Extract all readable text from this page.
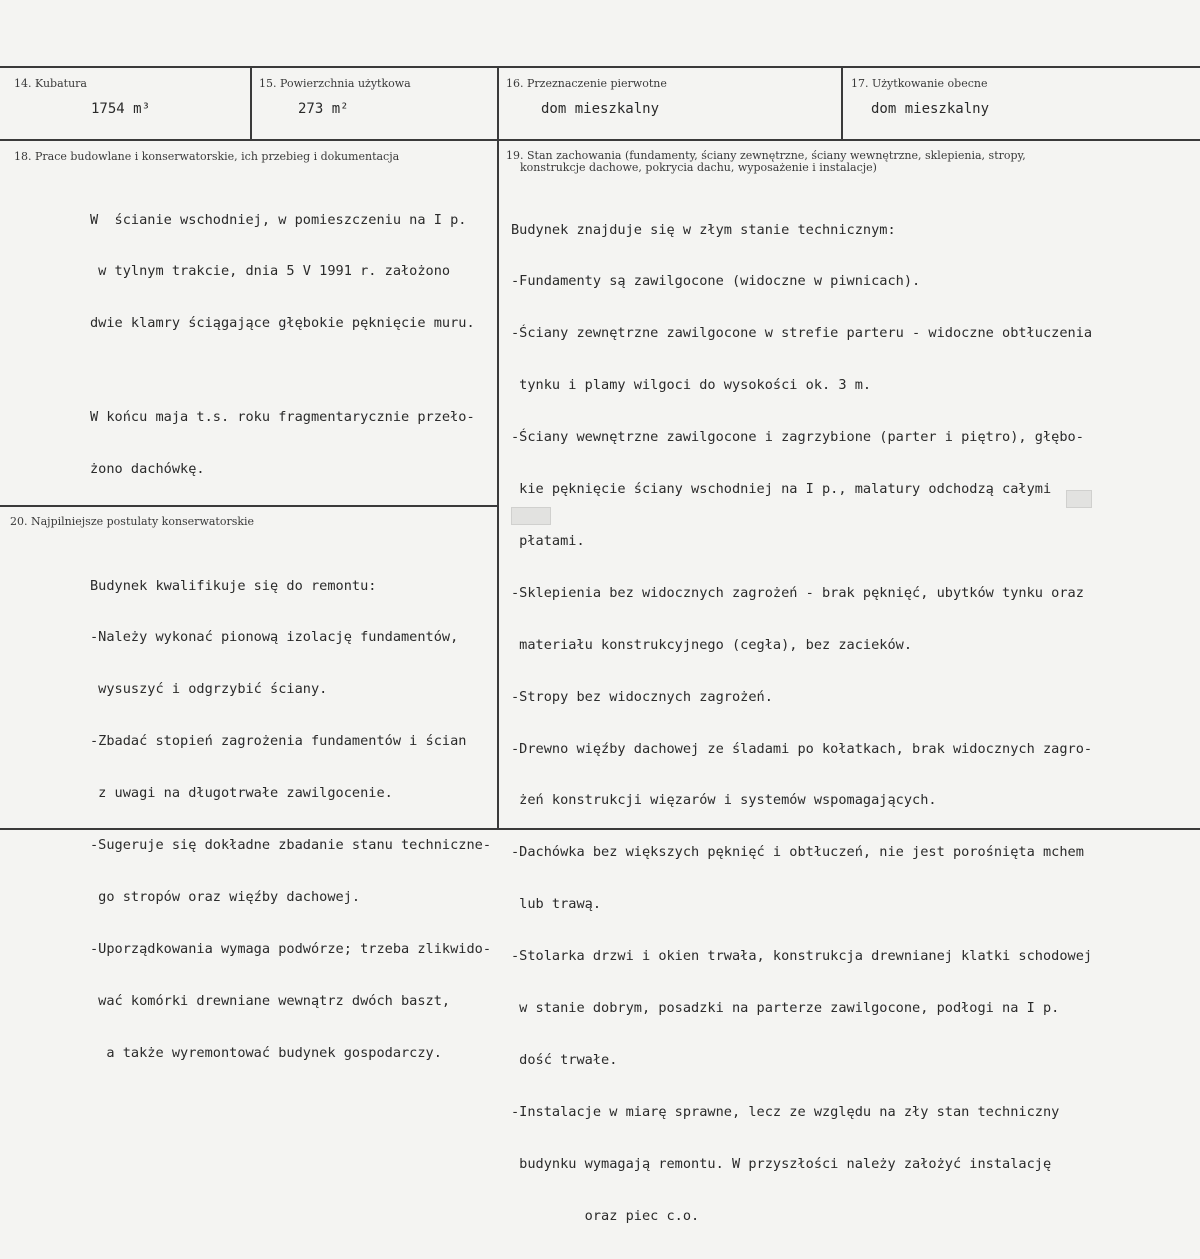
14. Kubatura
1754 m³
15. Powierzchnia użytkowa
273 m²
16. Przeznaczenie pierwotne
dom mieszkalny
17. Użytkowanie obecne
dom mieszkalny
18. Prace budowlane i konserwatorskie, ich przebieg i dokumentacja

W  ścianie wschodniej, w pomieszczeniu na I p.

w tylnym trakcie, dnia 5 V 1991 r. założono

dwie klamry ściągające głębokie pęknięcie muru.

W końcu maja t.s. roku fragmentarycznie przeło-

żono dachówkę.

19. Stan zachowania (fundamenty, ściany zewnętrzne, ściany wewnętrzne, sklepienia, stropy,
konstrukcje dachowe, pokrycia dachu, wyposażenie i instalacje)

Budynek znajduje się w złym stanie technicznym:

-Fundamenty są zawilgocone (widoczne w piwnicach).

-Ściany zewnętrzne zawilgocone w strefie parteru - widoczne obtłuczenia

tynku i plamy wilgoci do wysokości ok. 3 m.

-Ściany wewnętrzne zawilgocone i zagrzybione (parter i piętro), głębo-

kie pęknięcie ściany wschodniej na I p., malatury odchodzą całymi

płatami.

-Sklepienia bez widocznych zagrożeń - brak pęknięć, ubytków tynku oraz

materiału konstrukcyjnego (cegła), bez zacieków.

-Stropy bez widocznych zagrożeń.

-Drewno więźby dachowej ze śladami po kołatkach, brak widocznych zagro-

żeń konstrukcji więzarów i systemów wspomagających.

-Dachówka bez większych pęknięć i obtłuczeń, nie jest porośnięta mchem

lub trawą.

-Stolarka drzwi i okien trwała, konstrukcja drewnianej klatki schodowej

w stanie dobrym, posadzki na parterze zawilgocone, podłogi na I p.

dość trwałe.

-Instalacje w miarę sprawne, lecz ze względu na zły stan techniczny

budynku wymagają remontu. W przyszłości należy założyć instalację

oraz piec c.o.

20. Najpilniejsze postulaty konserwatorskie

Budynek kwalifikuje się do remontu:

-Należy wykonać pionową izolację fundamentów,

wysuszyć i odgrzybić ściany.

-Zbadać stopień zagrożenia fundamentów i ścian

z uwagi na długotrwałe zawilgocenie.

-Sugeruje się dokładne zbadanie stanu techniczne-

go stropów oraz więźby dachowej.

-Uporządkowania wymaga podwórze; trzeba zlikwido-

wać komórki drewniane wewnątrz dwóch baszt,

a także wyremontować budynek gospodarczy.
